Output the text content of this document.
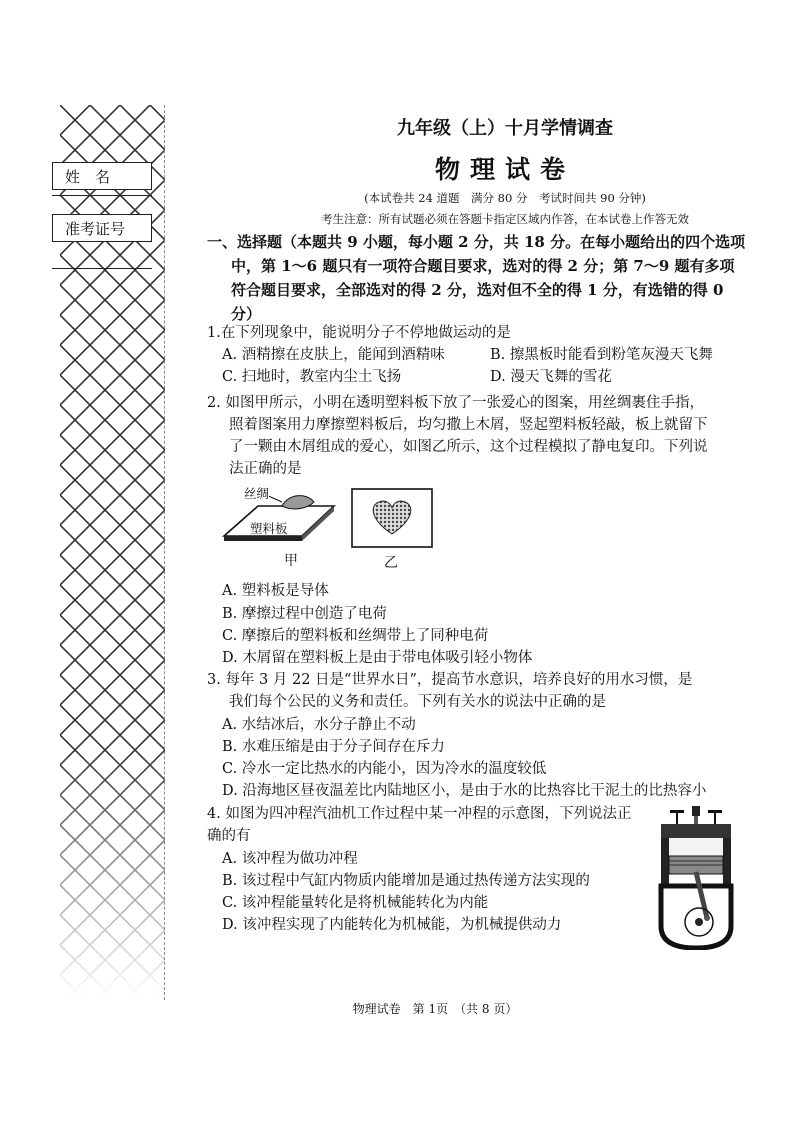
姓　名
准考证号
九年级（上）十月学情调查
物理试卷
(本试卷共 24 道题　满分 80 分　考试时间共 90 分钟)
考生注意：所有试题必须在答题卡指定区域内作答，在本试卷上作答无效
一、选择题（本题共 9 小题，每小题 2 分，共 18 分。在每小题给出的四个选项
中，第 1～6 题只有一项符合题目要求，选对的得 2 分；第 7～9 题有多项
符合题目要求，全部选对的得 2 分，选对但不全的得 1 分，有选错的得 0
分）
1.在下列现象中，能说明分子不停地做运动的是
A. 酒精擦在皮肤上，能闻到酒精味	B. 擦黑板时能看到粉笔灰漫天飞舞
C. 扫地时，教室内尘土飞扬	D. 漫天飞舞的雪花
2. 如图甲所示，小明在透明塑料板下放了一张爱心的图案，用丝绸裹住手指，
照着图案用力摩擦塑料板后，均匀撒上木屑，竖起塑料板轻敲，板上就留下
了一颗由木屑组成的爱心，如图乙所示，这个过程模拟了静电复印。下列说
法正确的是
丝绸
塑料板
甲	乙
A. 塑料板是导体
B. 摩擦过程中创造了电荷
C. 摩擦后的塑料板和丝绸带上了同种电荷
D. 木屑留在塑料板上是由于带电体吸引轻小物体
3. 每年 3 月 22 日是“世界水日”，提高节水意识，培养良好的用水习惯，是
我们每个公民的义务和责任。下列有关水的说法中正确的是
A. 水结冰后，水分子静止不动
B. 水难压缩是由于分子间存在斥力
C. 冷水一定比热水的内能小，因为冷水的温度较低
D. 沿海地区昼夜温差比内陆地区小，是由于水的比热容比干泥土的比热容小
4. 如图为四冲程汽油机工作过程中某一冲程的示意图，下列说法正
确的有
A. 该冲程为做功冲程
B. 该过程中气缸内物质内能增加是通过热传递方法实现的
C. 该冲程能量转化是将机械能转化为内能
D. 该冲程实现了内能转化为机械能，为机械提供动力
物理试卷　第 1页　（共 8 页）
